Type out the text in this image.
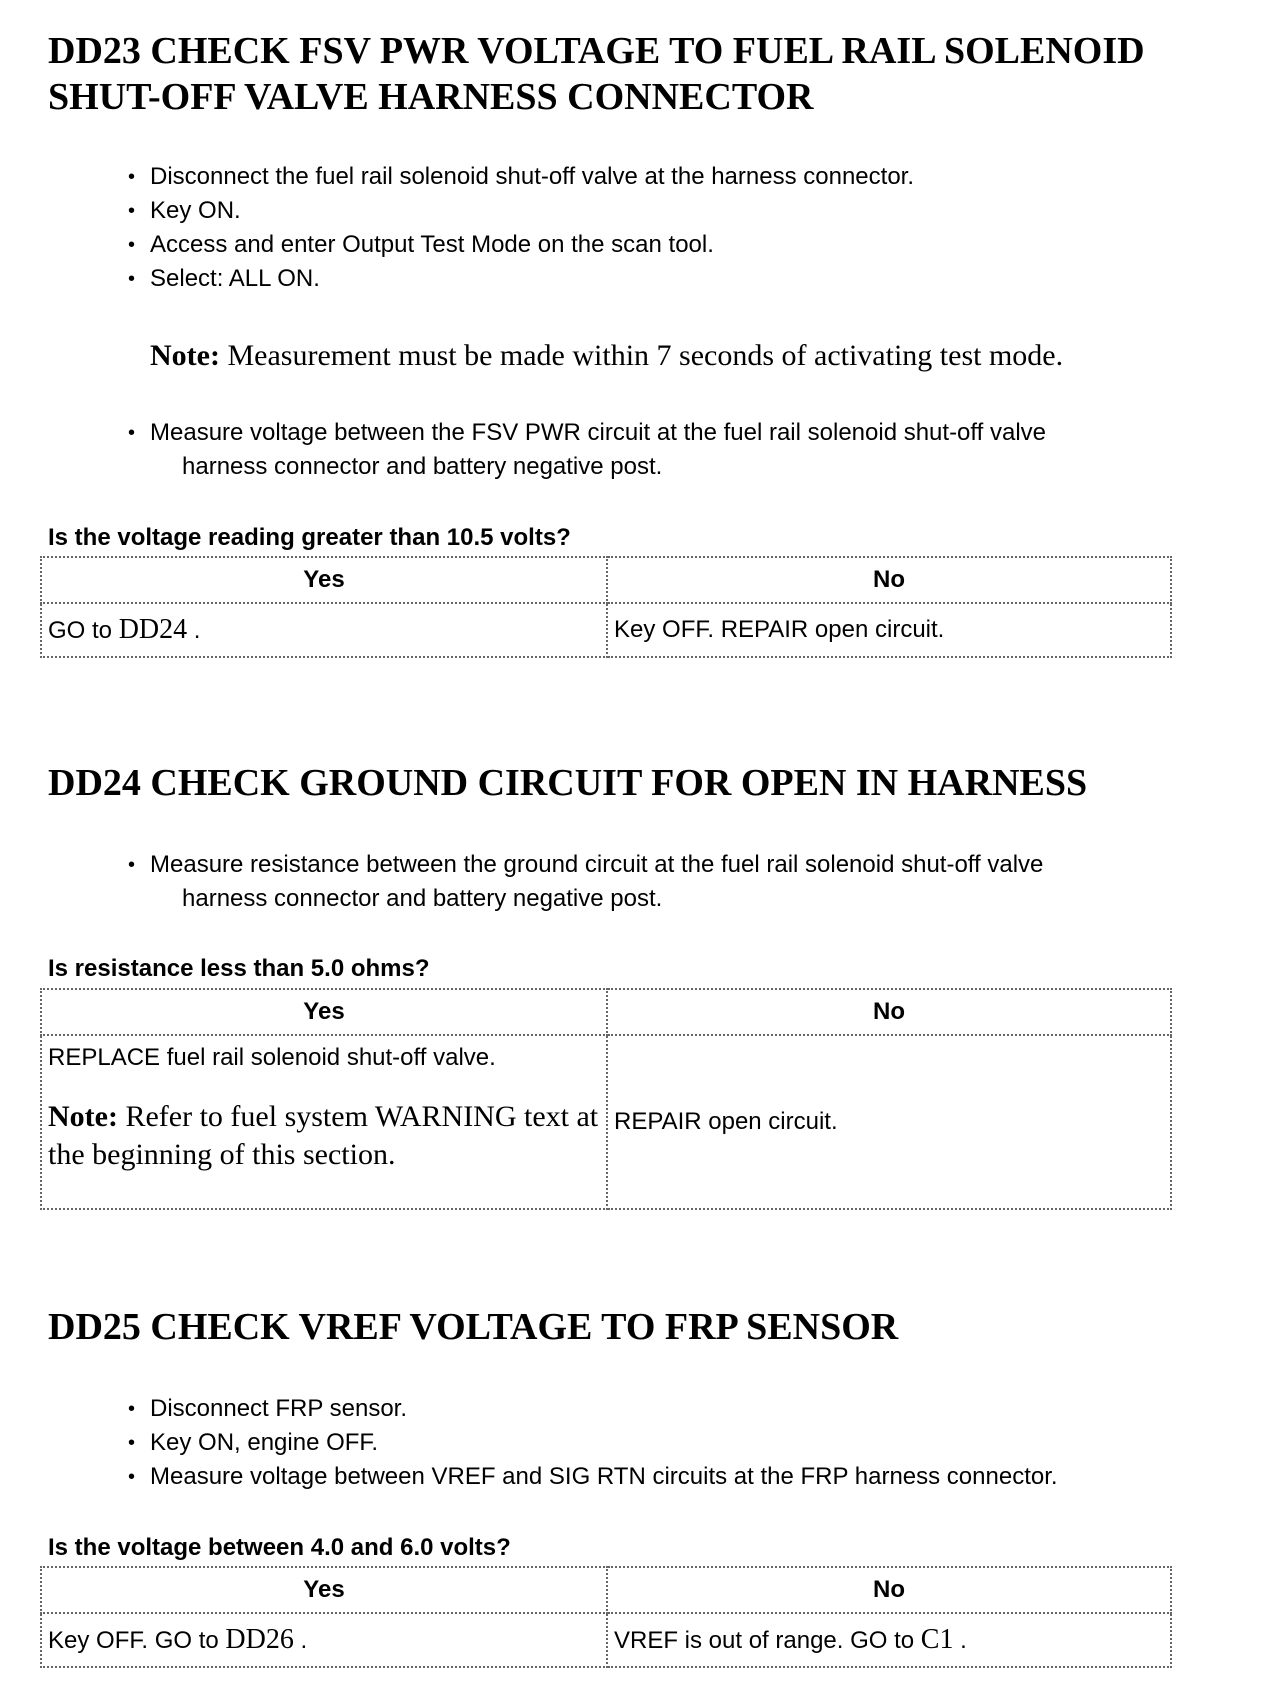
DD23 CHECK FSV PWR VOLTAGE TO FUEL RAIL SOLENOID SHUT-OFF VALVE HARNESS CONNECTOR
• Disconnect the fuel rail solenoid shut-off valve at the harness connector.
• Key ON.
• Access and enter Output Test Mode on the scan tool.
• Select: ALL ON.

Note: Measurement must be made within 7 seconds of activating test mode.

• Measure voltage between the FSV PWR circuit at the fuel rail solenoid shut-off valve
harness connector and battery negative post.

Is the voltage reading greater than 10.5 volts?

Yes	No
GO to DD24 .	Key OFF. REPAIR open circuit.
DD24 CHECK GROUND CIRCUIT FOR OPEN IN HARNESS
• Measure resistance between the ground circuit at the fuel rail solenoid shut-off valve
harness connector and battery negative post.

Is resistance less than 5.0 ohms?

Yes	No

REPLACE fuel rail solenoid shut-off valve.
Note: Refer to fuel system WARNING text at the beginning of this section.	REPAIR open circuit.
DD25 CHECK VREF VOLTAGE TO FRP SENSOR
• Disconnect FRP sensor.
• Key ON, engine OFF.
• Measure voltage between VREF and SIG RTN circuits at the FRP harness connector.

Is the voltage between 4.0 and 6.0 volts?

Yes	No
Key OFF. GO to DD26 .	VREF is out of range. GO to C1 .
